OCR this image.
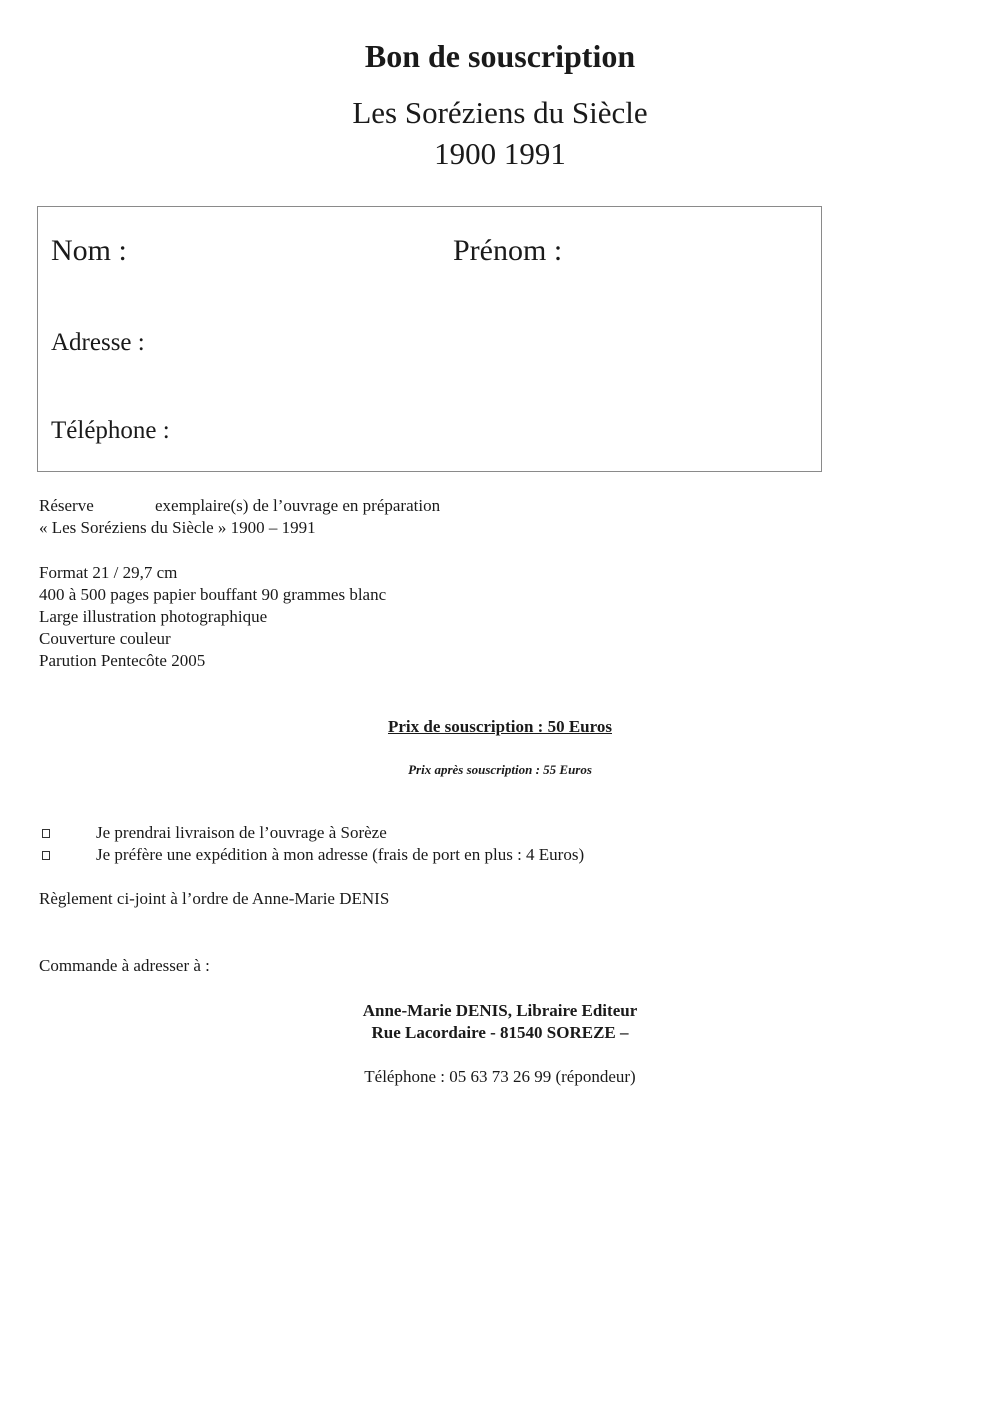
Bon de souscription
Les Soréziens du Siècle
1900 1991
Nom :	Prénom :
Adresse :
Téléphone :
Réserve	exemplaire(s) de l’ouvrage en préparation
« Les Soréziens du Siècle » 1900 – 1991
Format 21 / 29,7 cm
400 à 500 pages papier bouffant 90 grammes blanc
Large illustration photographique
Couverture couleur
Parution Pentecôte 2005
Prix de souscription : 50 Euros
Prix après souscription : 55 Euros
Je prendrai livraison de l’ouvrage à Sorèze
Je préfère une expédition à mon adresse (frais de port en plus : 4 Euros)
Règlement ci-joint à l’ordre de Anne-Marie DENIS
Commande à adresser à :
Anne-Marie DENIS, Libraire Editeur
Rue Lacordaire - 81540 SOREZE –
Téléphone : 05 63 73 26 99 (répondeur)
